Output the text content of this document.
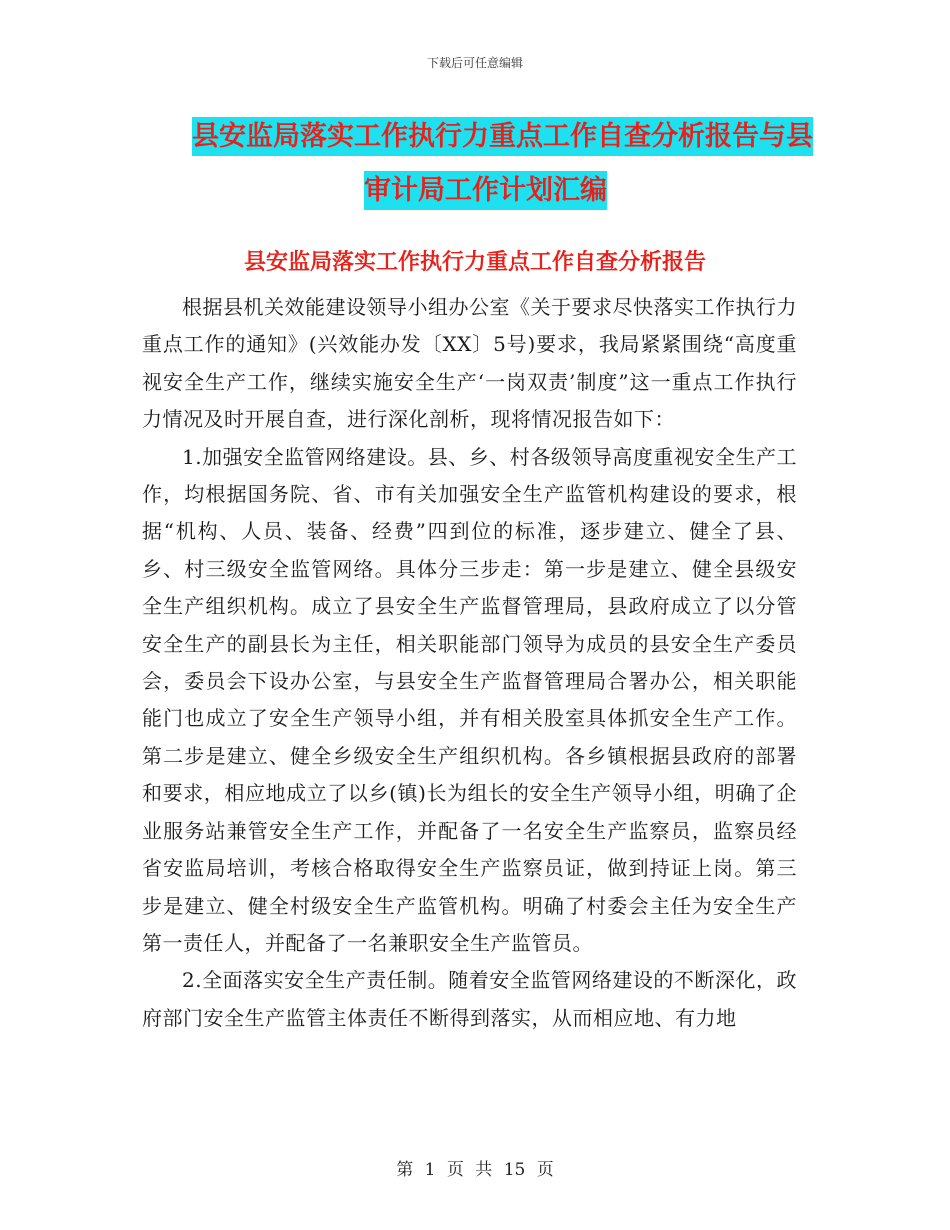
下载后可任意编辑
县安监局落实工作执行力重点工作自查分析报告与县
审计局工作计划汇编
县安监局落实工作执行力重点工作自查分析报告

根据县机关效能建设领导小组办公室《关于要求尽快落实工作执行力重点工作的通知》(兴效能办发〔XX〕5号)要求，我局紧紧围绕“高度重视安全生产工作，继续实施安全生产‘一岗双责’制度”这一重点工作执行力情况及时开展自查，进行深化剖析，现将情况报告如下：

1.加强安全监管网络建设。县、乡、村各级领导高度重视安全生产工作，均根据国务院、省、市有关加强安全生产监管机构建设的要求，根据“机构、人员、装备、经费”四到位的标准，逐步建立、健全了县、乡、村三级安全监管网络。具体分三步走：第一步是建立、健全县级安全生产组织机构。成立了县安全生产监督管理局，县政府成立了以分管安全生产的副县长为主任，相关职能部门领导为成员的县安全生产委员会，委员会下设办公室，与县安全生产监督管理局合署办公，相关职能能门也成立了安全生产领导小组，并有相关股室具体抓安全生产工作。第二步是建立、健全乡级安全生产组织机构。各乡镇根据县政府的部署和要求，相应地成立了以乡(镇)长为组长的安全生产领导小组，明确了企业服务站兼管安全生产工作，并配备了一名安全生产监察员，监察员经省安监局培训，考核合格取得安全生产监察员证，做到持证上岗。第三步是建立、健全村级安全生产监管机构。明确了村委会主任为安全生产第一责任人，并配备了一名兼职安全生产监管员。

2.全面落实安全生产责任制。随着安全监管网络建设的不断深化，政府部门安全生产监管主体责任不断得到落实，从而相应地、有力地

第 1 页 共 15 页
